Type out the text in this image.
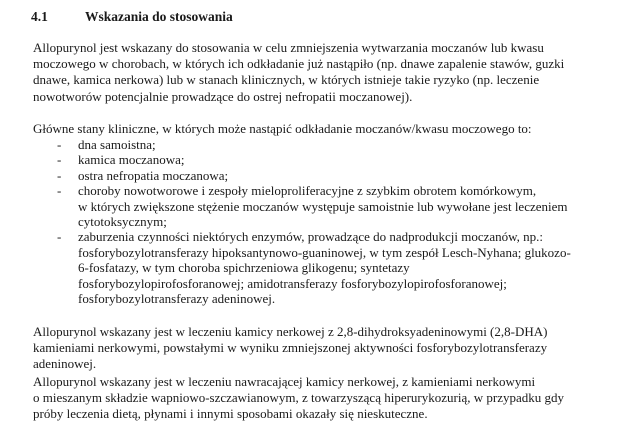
4.1	Wskazania do stosowania
Allopurynol jest wskazany do stosowania w celu zmniejszenia wytwarzania moczanów lub kwasu
moczowego w chorobach, w których ich odkładanie już nastąpiło (np. dnawe zapalenie stawów, guzki
dnawe, kamica nerkowa) lub w stanach klinicznych, w których istnieje takie ryzyko (np. leczenie
nowotworów potencjalnie prowadzące do ostrej nefropatii moczanowej).
Główne stany kliniczne, w których może nastąpić odkładanie moczanów/kwasu moczowego to:
- dna samoistna;
- kamica moczanowa;
- ostra nefropatia moczanowa;
- choroby nowotworowe i zespoły mieloproliferacyjne z szybkim obrotem komórkowym,
w których zwiększone stężenie moczanów występuje samoistnie lub wywołane jest leczeniem
cytotoksycznym;
- zaburzenia czynności niektórych enzymów, prowadzące do nadprodukcji moczanów, np.:
fosforybozylotransferazy hipoksantynowo-guaninowej, w tym zespół Lesch-Nyhana; glukozo-
6-fosfatazy, w tym choroba spichrzeniowa glikogenu; syntetazy
fosforybozylopirofosforanowej; amidotransferazy fosforybozylopirofosforanowej;
fosforybozylotransferazy adeninowej.
Allopurynol wskazany jest w leczeniu kamicy nerkowej z 2,8-dihydroksyadeninowymi (2,8-DHA)
kamieniami nerkowymi, powstałymi w wyniku zmniejszonej aktywności fosforybozylotransferazy
adeninowej.
Allopurynol wskazany jest w leczeniu nawracającej kamicy nerkowej, z kamieniami nerkowymi
o mieszanym składzie wapniowo-szczawianowym, z towarzyszącą hiperurykozurią, w przypadku gdy
próby leczenia dietą, płynami i innymi sposobami okazały się nieskuteczne.
